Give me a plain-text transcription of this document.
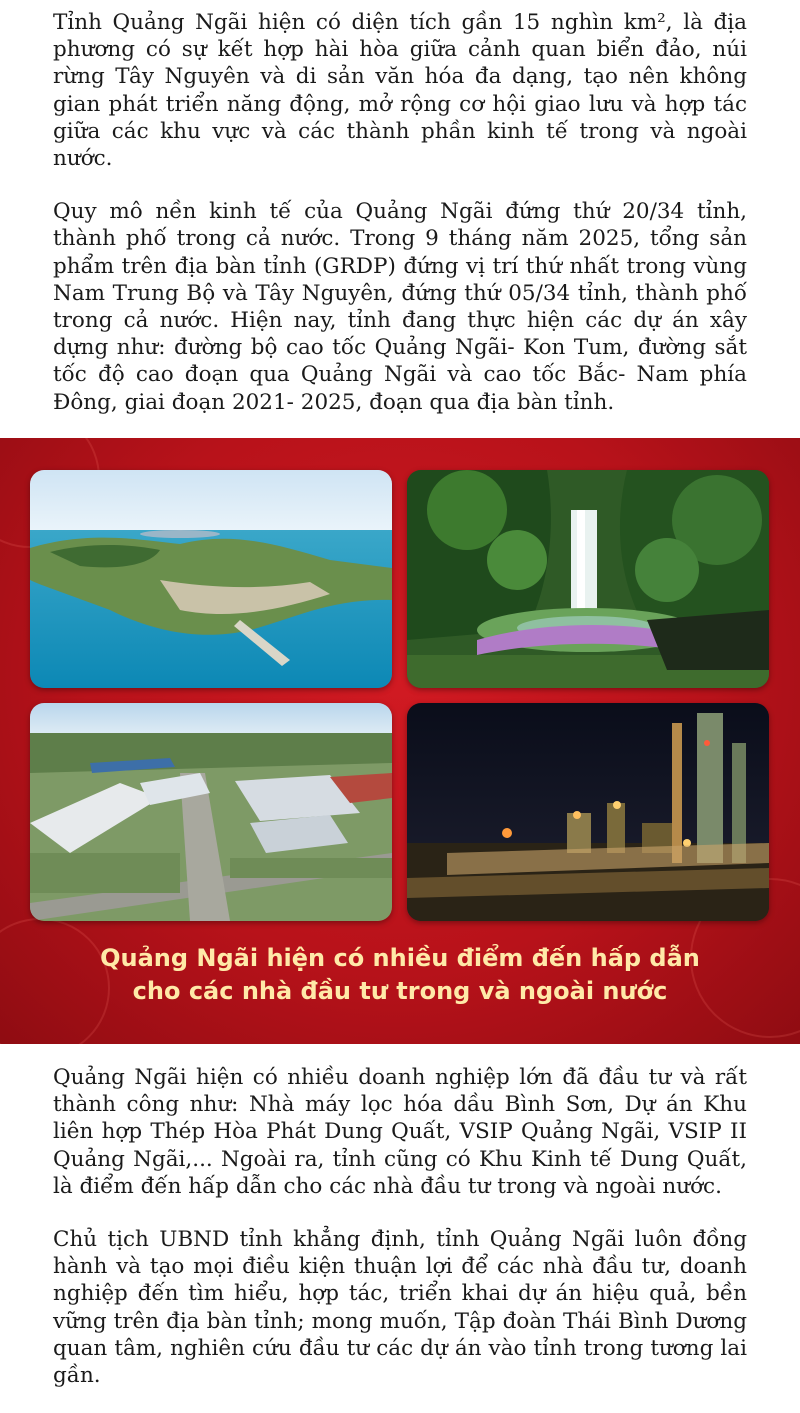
Tỉnh Quảng Ngãi hiện có diện tích gần 15 nghìn km², là địa phương có sự kết hợp hài hòa giữa cảnh quan biển đảo, núi rừng Tây Nguyên và di sản văn hóa đa dạng, tạo nên không gian phát triển năng động, mở rộng cơ hội giao lưu và hợp tác giữa các khu vực và các thành phần kinh tế trong và ngoài nước.

Quy mô nền kinh tế của Quảng Ngãi đứng thứ 20/34 tỉnh, thành phố trong cả nước. Trong 9 tháng năm 2025, tổng sản phẩm trên địa bàn tỉnh (GRDP) đứng vị trí thứ nhất trong vùng Nam Trung Bộ và Tây Nguyên, đứng thứ 05/34 tỉnh, thành phố trong cả nước. Hiện nay, tỉnh đang thực hiện các dự án xây dựng như: đường bộ cao tốc Quảng Ngãi- Kon Tum, đường sắt tốc độ cao đoạn qua Quảng Ngãi và cao tốc Bắc- Nam phía Đông, giai đoạn 2021- 2025, đoạn qua địa bàn tỉnh.

Quảng Ngãi hiện có nhiều điểm đến hấp dẫn
cho các nhà đầu tư trong và ngoài nước

Quảng Ngãi hiện có nhiều doanh nghiệp lớn đã đầu tư và rất thành công như: Nhà máy lọc hóa dầu Bình Sơn, Dự án Khu liên hợp Thép Hòa Phát Dung Quất, VSIP Quảng Ngãi, VSIP II Quảng Ngãi,... Ngoài ra, tỉnh cũng có Khu Kinh tế Dung Quất, là điểm đến hấp dẫn cho các nhà đầu tư trong và ngoài nước.

Chủ tịch UBND tỉnh khẳng định, tỉnh Quảng Ngãi luôn đồng hành và tạo mọi điều kiện thuận lợi để các nhà đầu tư, doanh nghiệp đến tìm hiểu, hợp tác, triển khai dự án hiệu quả, bền vững trên địa bàn tỉnh; mong muốn, Tập đoàn Thái Bình Dương quan tâm, nghiên cứu đầu tư các dự án vào tỉnh trong tương lai gần.
